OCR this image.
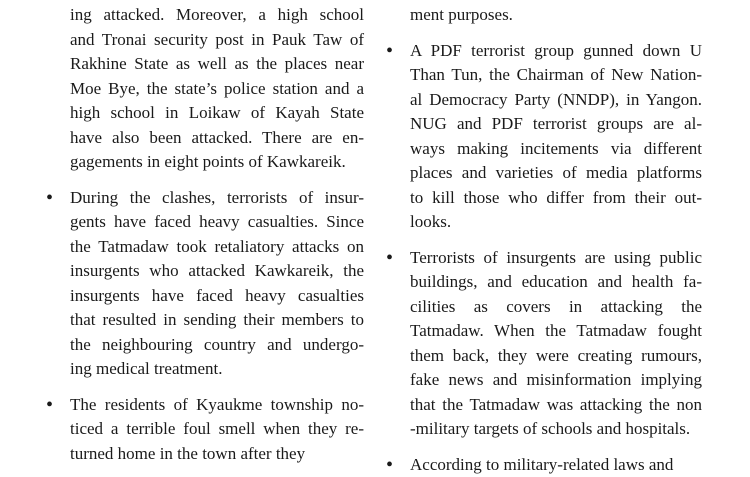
ing attacked. Moreover, a high school
and Tronai security post in Pauk Taw of
Rakhine State as well as the places near
Moe Bye, the state’s police station and a
high school in Loikaw of Kayah State
have also been attacked. There are en-
gagements in eight points of Kawkareik.
• During the clashes, terrorists of insur-
gents have faced heavy casualties. Since
the Tatmadaw took retaliatory attacks on
insurgents who attacked Kawkareik, the
insurgents have faced heavy casualties
that resulted in sending their members to
the neighbouring country and undergo-
ing medical treatment.
• The residents of Kyaukme township no-
ticed a terrible foul smell when they re-
turned home in the town after they
ment purposes.
• A PDF terrorist group gunned down U
Than Tun, the Chairman of New Nation-
al Democracy Party (NNDP), in Yangon.
NUG and PDF terrorist groups are al-
ways making incitements via different
places and varieties of media platforms
to kill those who differ from their out-
looks.
• Terrorists of insurgents are using public
buildings, and education and health fa-
cilities as covers in attacking the
Tatmadaw. When the Tatmadaw fought
them back, they were creating rumours,
fake news and misinformation implying
that the Tatmadaw was attacking the non
-military targets of schools and hospitals.
• According to military-related laws and
